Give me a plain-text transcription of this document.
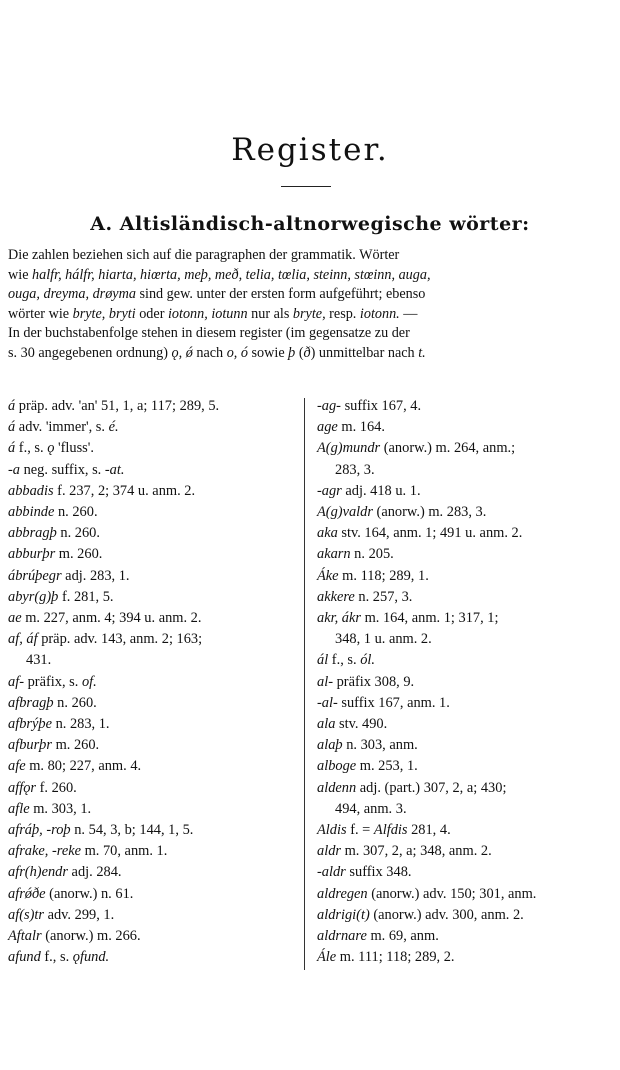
Register.
A. Altisländisch-altnorwegische wörter:
Die zahlen beziehen sich auf die paragraphen der grammatik. Wörter
wie halfr, hálfr, hiarta, hiœrta, meþ, með, telia, tœlia, steinn, stœinn, auga,
ouga, dreyma, drøyma sind gew. unter der ersten form aufgeführt; ebenso
wörter wie bryte, bryti oder iotonn, iotunn nur als bryte, resp. iotonn. —
In der buchstabenfolge stehen in diesem register (im gegensatze zu der
s. 30 angegebenen ordnung) ǫ, ǿ nach o, ó sowie þ (ð) unmittelbar nach t.
á präp. adv. 'an' 51, 1, a; 117; 289, 5.
á adv. 'immer', s. é.
á f., s. ǫ 'fluss'.
-a neg. suffix, s. -at.
abbadis f. 237, 2; 374 u. anm. 2.
abbinde n. 260.
abbragþ n. 260.
abburþr m. 260.
ábrúþegr adj. 283, 1.
abyr(g)þ f. 281, 5.
ae m. 227, anm. 4; 394 u. anm. 2.
af, áf präp. adv. 143, anm. 2; 163;
431.
af- präfix, s. of.
afbragþ n. 260.
afbrýþe n. 283, 1.
afburþr m. 260.
afe m. 80; 227, anm. 4.
affǫr f. 260.
afle m. 303, 1.
afráþ, -roþ n. 54, 3, b; 144, 1, 5.
afrake, -reke m. 70, anm. 1.
afr(h)endr adj. 284.
afrǿðe (anorw.) n. 61.
af(s)tr adv. 299, 1.
Aftalr (anorw.) m. 266.
afund f., s. ǫfund.
-ag- suffix 167, 4.
age m. 164.
A(g)mundr (anorw.) m. 264, anm.;
283, 3.
-agr adj. 418 u. 1.
A(g)valdr (anorw.) m. 283, 3.
aka stv. 164, anm. 1; 491 u. anm. 2.
akarn n. 205.
Áke m. 118; 289, 1.
akkere n. 257, 3.
akr, ákr m. 164, anm. 1; 317, 1;
348, 1 u. anm. 2.
ál f., s. ól.
al- präfix 308, 9.
-al- suffix 167, anm. 1.
ala stv. 490.
alaþ n. 303, anm.
alboge m. 253, 1.
aldenn adj. (part.) 307, 2, a; 430;
494, anm. 3.
Aldis f. = Alfdis 281, 4.
aldr m. 307, 2, a; 348, anm. 2.
-aldr suffix 348.
aldregen (anorw.) adv. 150; 301, anm.
aldrigi(t) (anorw.) adv. 300, anm. 2.
aldrnare m. 69, anm.
Ále m. 111; 118; 289, 2.
